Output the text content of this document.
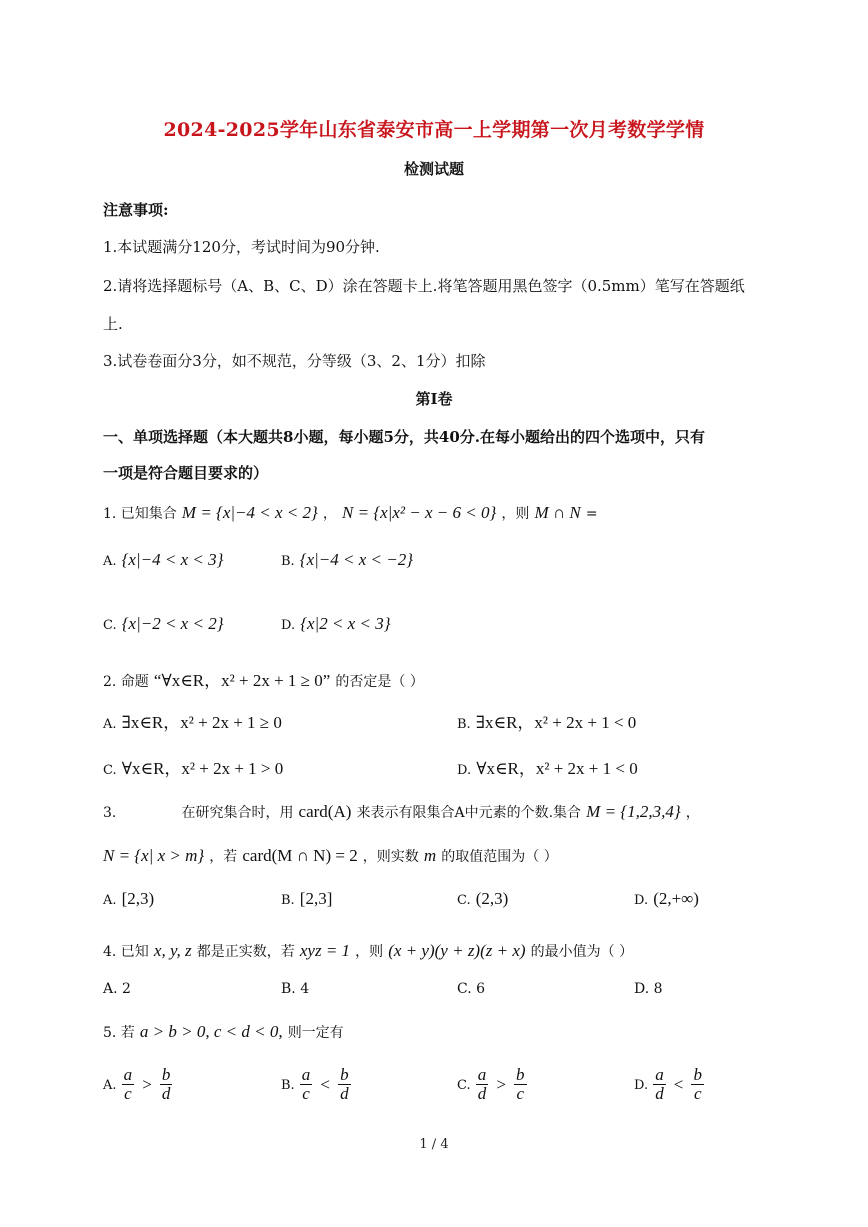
2024-2025学年山东省泰安市高一上学期第一次月考数学学情
检测试题
注意事项:
1.本试题满分120分，考试时间为90分钟.
2.请将选择题标号（A、B、C、D）涂在答题卡上.将笔答题用黑色签字（0.5mm）笔写在答题纸
上.
3.试卷卷面分3分，如不规范，分等级（3、2、1分）扣除
第Ⅰ卷
一、单项选择题（本大题共8小题，每小题5分，共40分.在每小题给出的四个选项中，只有
一项是符合题目要求的）
1. 已知集合 M = {x|−4 < x < 2} ， N = {x|x² − x − 6 < 0} ，则 M ∩ N =
A. {x|−4 < x < 3}	B. {x|−4 < x < −2}
C. {x|−2 < x < 2}	D. {x|2 < x < 3}
2. 命题 “∀x∈R，x² + 2x + 1 ≥ 0” 的否定是（ ）
A. ∃x∈R，x² + 2x + 1 ≥ 0	B. ∃x∈R，x² + 2x + 1 < 0
C. ∀x∈R，x² + 2x + 1 > 0	D. ∀x∈R，x² + 2x + 1 < 0
3.	在研究集合时，用 card(A) 来表示有限集合A中元素的个数.集合 M = {1,2,3,4} ，
N = {x| x > m} ，若 card(M ∩ N) = 2 ，则实数 m 的取值范围为（ ）
A. [2,3)	B. [2,3]	C. (2,3)	D. (2,+∞)
4. 已知 x, y, z 都是正实数，若 xyz = 1 ，则 (x + y)(y + z)(z + x) 的最小值为（ ）
A. 2	B. 4	C. 6	D. 8
5. 若 a > b > 0, c < d < 0, 则一定有
A. $\frac{a}{c} > \frac{b}{d}$	B. $\frac{a}{c} < \frac{b}{d}$	C. $\frac{a}{d} > \frac{b}{c}$	D. $\frac{a}{d} < \frac{b}{c}$
1 / 4
